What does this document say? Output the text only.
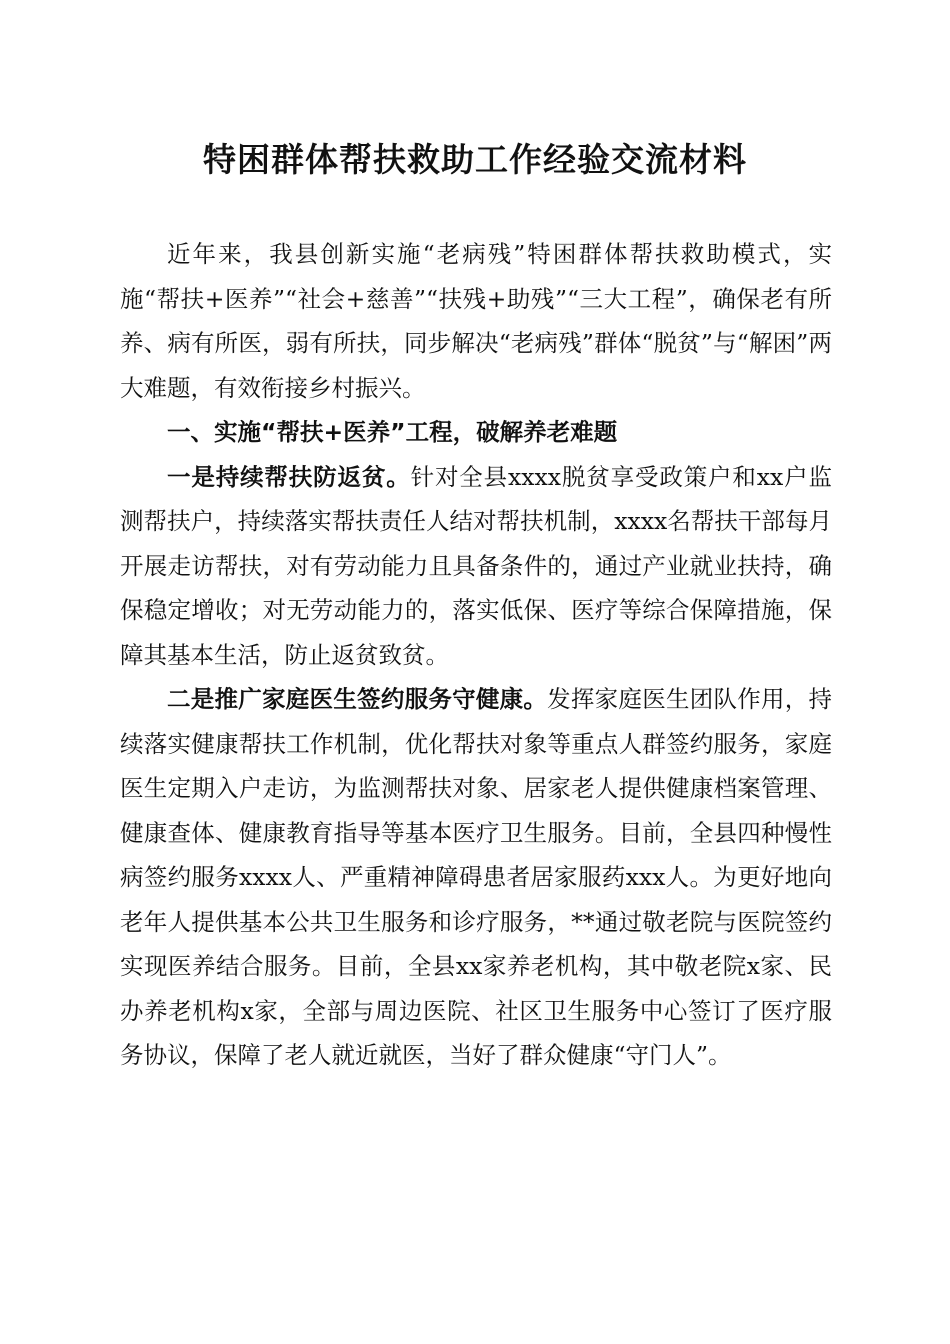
特困群体帮扶救助工作经验交流材料

近年来，我县创新实施“老病残”特困群体帮扶救助模式，实施“帮扶+医养”“社会+慈善”“扶残+助残”“三大工程”，确保老有所养、病有所医，弱有所扶，同步解决“老病残”群体“脱贫”与“解困”两大难题，有效衔接乡村振兴。

一、实施“帮扶+医养”工程，破解养老难题

一是持续帮扶防返贫。针对全县xxxx脱贫享受政策户和xx户监测帮扶户，持续落实帮扶责任人结对帮扶机制，xxxx名帮扶干部每月开展走访帮扶，对有劳动能力且具备条件的，通过产业就业扶持，确保稳定增收；对无劳动能力的，落实低保、医疗等综合保障措施，保障其基本生活，防止返贫致贫。

二是推广家庭医生签约服务守健康。发挥家庭医生团队作用，持续落实健康帮扶工作机制，优化帮扶对象等重点人群签约服务，家庭医生定期入户走访，为监测帮扶对象、居家老人提供健康档案管理、健康查体、健康教育指导等基本医疗卫生服务。目前，全县四种慢性病签约服务xxxx人、严重精神障碍患者居家服药xxx人。为更好地向老年人提供基本公共卫生服务和诊疗服务，**通过敬老院与医院签约实现医养结合服务。目前，全县xx家养老机构，其中敬老院x家、民办养老机构x家，全部与周边医院、社区卫生服务中心签订了医疗服务协议，保障了老人就近就医，当好了群众健康“守门人”。
